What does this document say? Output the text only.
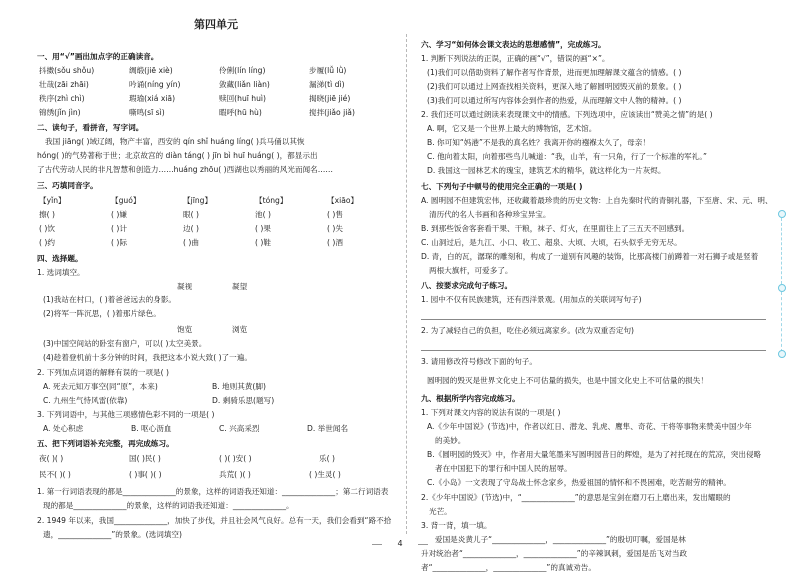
第四单元
一、用“√”画出加点字的正确读音。
抖擞(sǒu shǒu)	绸缎(jiē xiè)	伶俐(lín líng)	步履(lǚ lǜ)
壮哉(zāi zhāi)	吟诵(níng yín)	敛藏(liǎn liàn)	漏涕(tì dì)
秩序(zhì chì)	瑕瑜(xiá xiā)	赎回(huī huì)	揭晓(jiē jié)
锦绣(jǐn jìn)	嘶鸣(sī sì)	暇呼(hū hù)	搅拌(jiǎo jiǎ)
二、读句子，看拼音，写字词。
我国 jiāng( )域辽阔，物产丰富，西安的 qín shǐ huáng líng( )兵马俑以其恢
hóng( )的气势著称于世；北京故宫的 diàn táng( ) jīn bì huī huáng( )，都显示出
了古代劳动人民的非凡智慧和创造力……huáng zhōu( )西湖也以秀丽的风光而闻名……
三、巧填同音字。
【yǐn】	【guó】	【jīng】	【tóng】	【xiāo】
擦( )	( )嫌	眼( )	池( )	( )售
( )饮	( )计	边( )	( )果	( )失
( )约	( )际	( )曲	( )鞋	( )酒
四、选择题。
1. 选词填空。
凝视	凝望
(1)我站在村口，( )着爸爸远去的身影。
(2)将军一阵沉思，( )着那片绿色。
饱览	浏览
(3)中国空间站的卧室有窗户，可以( )太空美景。
(4)趁着登机前十多分钟的时间，我把这本小说大致( )了一遍。
2. 下列加点词语的解释有误的一项是( )
A. 死去元知万事空(同“原”，本来)	B. 地则其黄(脚)
C. 九州生气恃风雷(依靠)	D. 剩骑乐思(题写)
3. 下列词语中，与其他三项感情色彩不同的一项是( )
A. 处心积虑	B. 呕心沥血	C. 兴高采烈	D. 举世闻名
五、把下列词语补充完整，再完成练习。
夜( )( )	国( )民( )	( )( )安( )	乐( )
民不( )( )	( )事( )( )	兵荒( )( )	( )生灵( )
1. 第一行词语表现的都是______________的景象，这样的词语我还知道：______________；第二行词语表
现的都是______________的景象，这样的词语我还知道：______________。
2. 1949 年以来，我国______________，加快了步伐，并且社会风气良好。总有一天，我们会看到“路不拾
遗，______________”的景象。(选词填空)
六、学习“如何体会课文表达的思想感情”，完成练习。
1. 判断下列说法的正误，正确的画“√”，错误的画“×”。
(1)我们可以借助资料了解作者写作背景，进而更加理解课文蕴含的情感。( )
(2)我们可以通过上网查找相关资料，更深入地了解圆明园毁灭前的景象。( )
(3)我们可以通过所写内容体会到作者的热爱，从而理解文中人物的精神。( )
2. 我们还可以通过朗读来表现课文中的情感。下列选项中，应该读出“赞美之情”的是( )
A. 啊，它又是一个世界上最大的博物馆，艺术馆。
B. 你可知“妈港”不是我的真名姓？我离开你的襁褓太久了，母亲！
C. 他向着太阳，向着那些鸟儿喊道：“我，山羊，有一只角，行了一个标准的军礼。”
D. 我国这一园林艺术的瑰宝，建筑艺术的精华，就这样化为一片灰烬。
七、下列句子中顿号的使用完全正确的一项是( )
A. 圆明园不但建筑宏伟，还收藏着最珍贵的历史文物：上自先秦时代的青铜礼器，下至唐、宋、元、明、
清历代的名人书画和各种珍宝异宝。
B. 到那些饭舍客套看干果、干粮，袜子、灯火，在里面往上了三五天不回感到。
C. 山洞过后，是九江、小口、收工、超泉、大顷、大顷，石头似乎无穷无尽。
D. 青，白的瓦，潺琛的雕刻和，构成了一道别有风趣的装饰，比那高楼门前蹲着一对石狮子或是竖着
两根大旗杆，可爱多了。
八、按要求完成句子练习。
1. 园中不仅有民族建筑，还有西洋景观。(用加点的关联词写句子)
2. 为了减轻自己的负担，吃住必须远离家乡。(改为双重否定句)
3. 请用修改符号修改下面的句子。
圆明园的毁灭是世界文化史上不可估量的损失，也是中国文化史上不可估量的损失！
九、根据所学内容完成练习。
1. 下列对课文内容的说法有误的一项是( )
A.《少年中国说》(节选)中，作者以红日、潜龙、乳虎、鹰隼、奇花、干将等事物来赞美中国少年
的美妙。
B.《圆明园的毁灭》中，作者用大量笔墨来写圆明园昔日的辉煌，是为了衬托现在的荒凉，突出侵略
者在中国犯下的罪行和中国人民的屈辱。
C.《小岛》一文表现了守岛战士怀念家乡，热爱祖国的情怀和不畏困难，吃苦耐劳的精神。
2.《少年中国说》(节选)中，“______________”的意思是宝剑在磨刀石上磨出来，发出耀眼的
光芒。
3. 背一背，填一填。
爱国是炎黄儿子“______________，______________”的殷切叮嘱，爱国是林
升对统治者“______________，______________”的辛辣讽刺，爱国是岳飞对当政
者“______________，______________”的真诚劝告。
4
